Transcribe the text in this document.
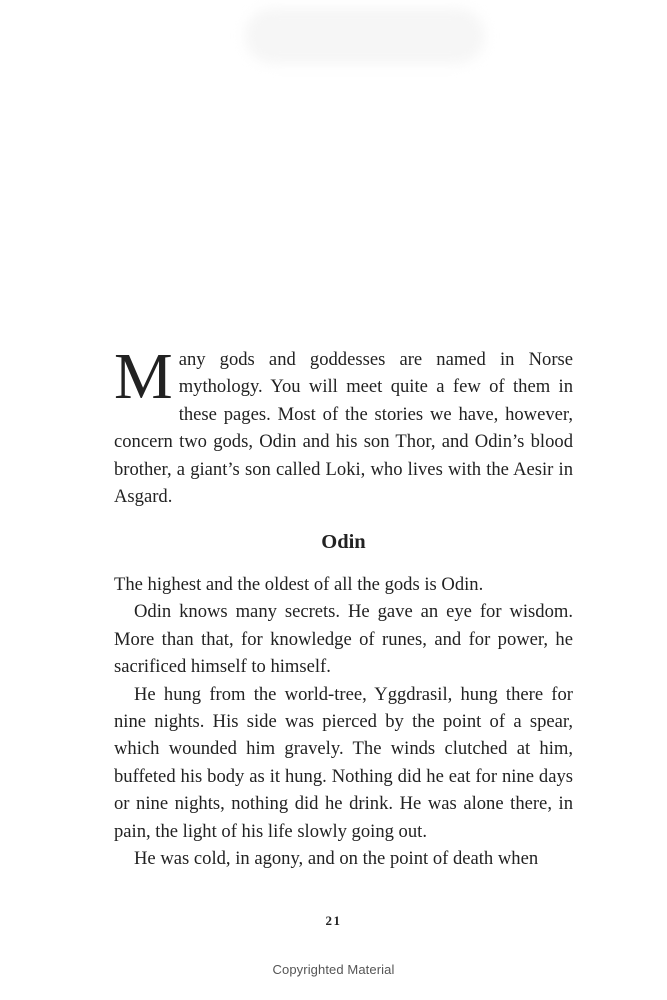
M any gods and goddesses are named in Norse mythology. You will meet quite a few of them in these pages. Most of the stories we have, however, concern two gods, Odin and his son Thor, and Odin’s blood brother, a giant’s son called Loki, who lives with the Aesir in Asgard.

Odin

The highest and the oldest of all the gods is Odin.

Odin knows many secrets. He gave an eye for wisdom. More than that, for knowledge of runes, and for power, he sacrificed himself to himself.

He hung from the world-tree, Yggdrasil, hung there for nine nights. His side was pierced by the point of a spear, which wounded him gravely. The winds clutched at him, buffeted his body as it hung. Nothing did he eat for nine days or nine nights, nothing did he drink. He was alone there, in pain, the light of his life slowly going out.

He was cold, in agony, and on the point of death when

21
Copyrighted Material
